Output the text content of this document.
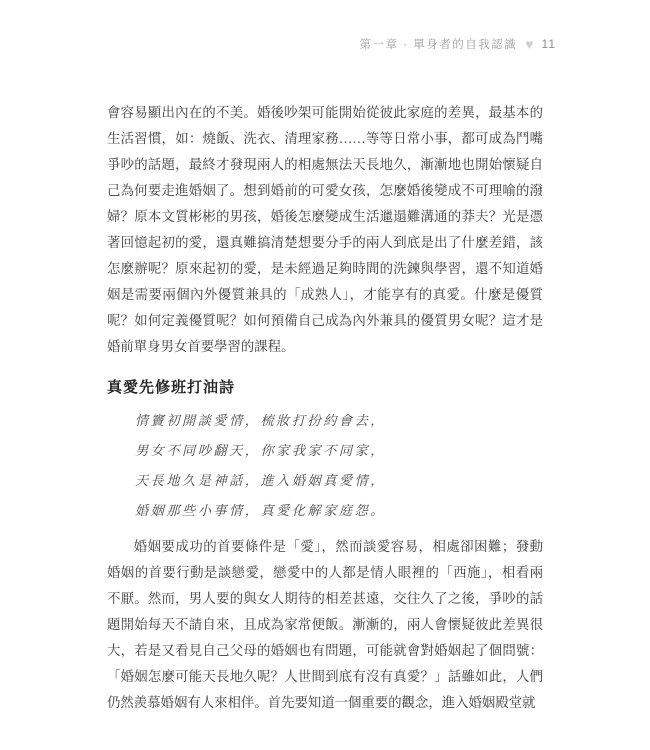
第一章 · 單身者的自我認識 ♥ 11
會容易顯出內在的不美。婚後吵架可能開始從彼此家庭的差異，最基本的
生活習慣，如：燒飯、洗衣、清理家務……等等日常小事，都可成為鬥嘴
爭吵的話題，最終才發現兩人的相處無法天長地久，漸漸地也開始懷疑自
己為何要走進婚姻了。想到婚前的可愛女孩，怎麼婚後變成不可理喻的潑
婦？原本文質彬彬的男孩，婚後怎麼變成生活邋遢難溝通的莽夫？光是憑
著回憶起初的愛，還真難搞清楚想要分手的兩人到底是出了什麼差錯，該
怎麼辦呢？原來起初的愛，是未經過足夠時間的洗鍊與學習，還不知道婚
姻是需要兩個內外優質兼具的「成熟人」，才能享有的真愛。什麼是優質
呢？如何定義優質呢？如何預備自己成為內外兼具的優質男女呢？這才是
婚前單身男女首要學習的課程。
真愛先修班打油詩
情竇初開談愛情，梳妝打扮約會去，
男女不同吵翻天，你家我家不同家，
天長地久是神話，進入婚姻真愛情，
婚姻那些小事情，真愛化解家庭怨。
婚姻要成功的首要條件是「愛」，然而談愛容易，相處卻困難；發動
婚姻的首要行動是談戀愛，戀愛中的人都是情人眼裡的「西施」，相看兩
不厭。然而，男人要的與女人期待的相差甚遠，交往久了之後，爭吵的話
題開始每天不請自來，且成為家常便飯。漸漸的，兩人會懷疑彼此差異很
大，若是又看見自己父母的婚姻也有問題，可能就會對婚姻起了個問號：
「婚姻怎麼可能天長地久呢？人世間到底有沒有真愛？」話雖如此，人們
仍然羨慕婚姻有人來相伴。首先要知道一個重要的觀念，進入婚姻殿堂就
